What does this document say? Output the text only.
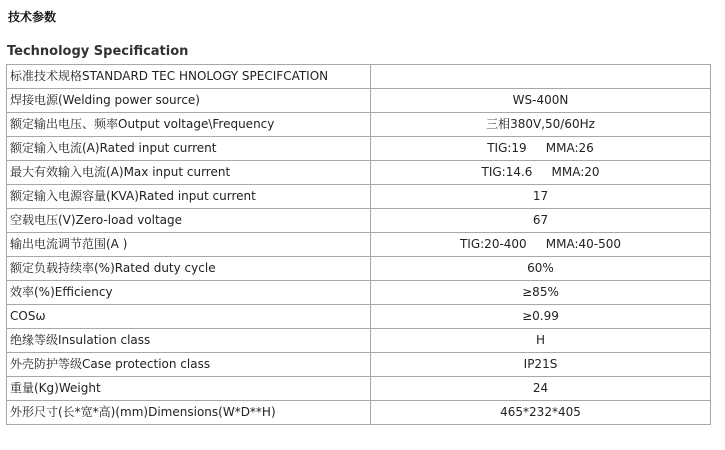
技术参数
Technology Specification
标准技术规格STANDARD TEC HNOLOGY SPECIFCATION	
焊接电源(Welding power source)	WS-400N
额定输出电压、频率Output voltage\Frequency	三相380V,50/60Hz
额定输入电流(A)Rated input current	TIG:19     MMA:26
最大有效输入电流(A)Max input current	TIG:14.6     MMA:20
额定输入电源容量(KVA)Rated input current	17
空载电压(V)Zero-load voltage	67
输出电流调节范围(A )	TIG:20-400     MMA:40-500
额定负载持续率(%)Rated duty cycle	60%
效率(%)Efficiency	≥85%
COSω	≥0.99
绝缘等级Insulation class	H
外壳防护等级Case protection class	IP21S
重量(Kg)Weight	24
外形尺寸(长*宽*高)(mm)Dimensions(W*D**H)	465*232*405
